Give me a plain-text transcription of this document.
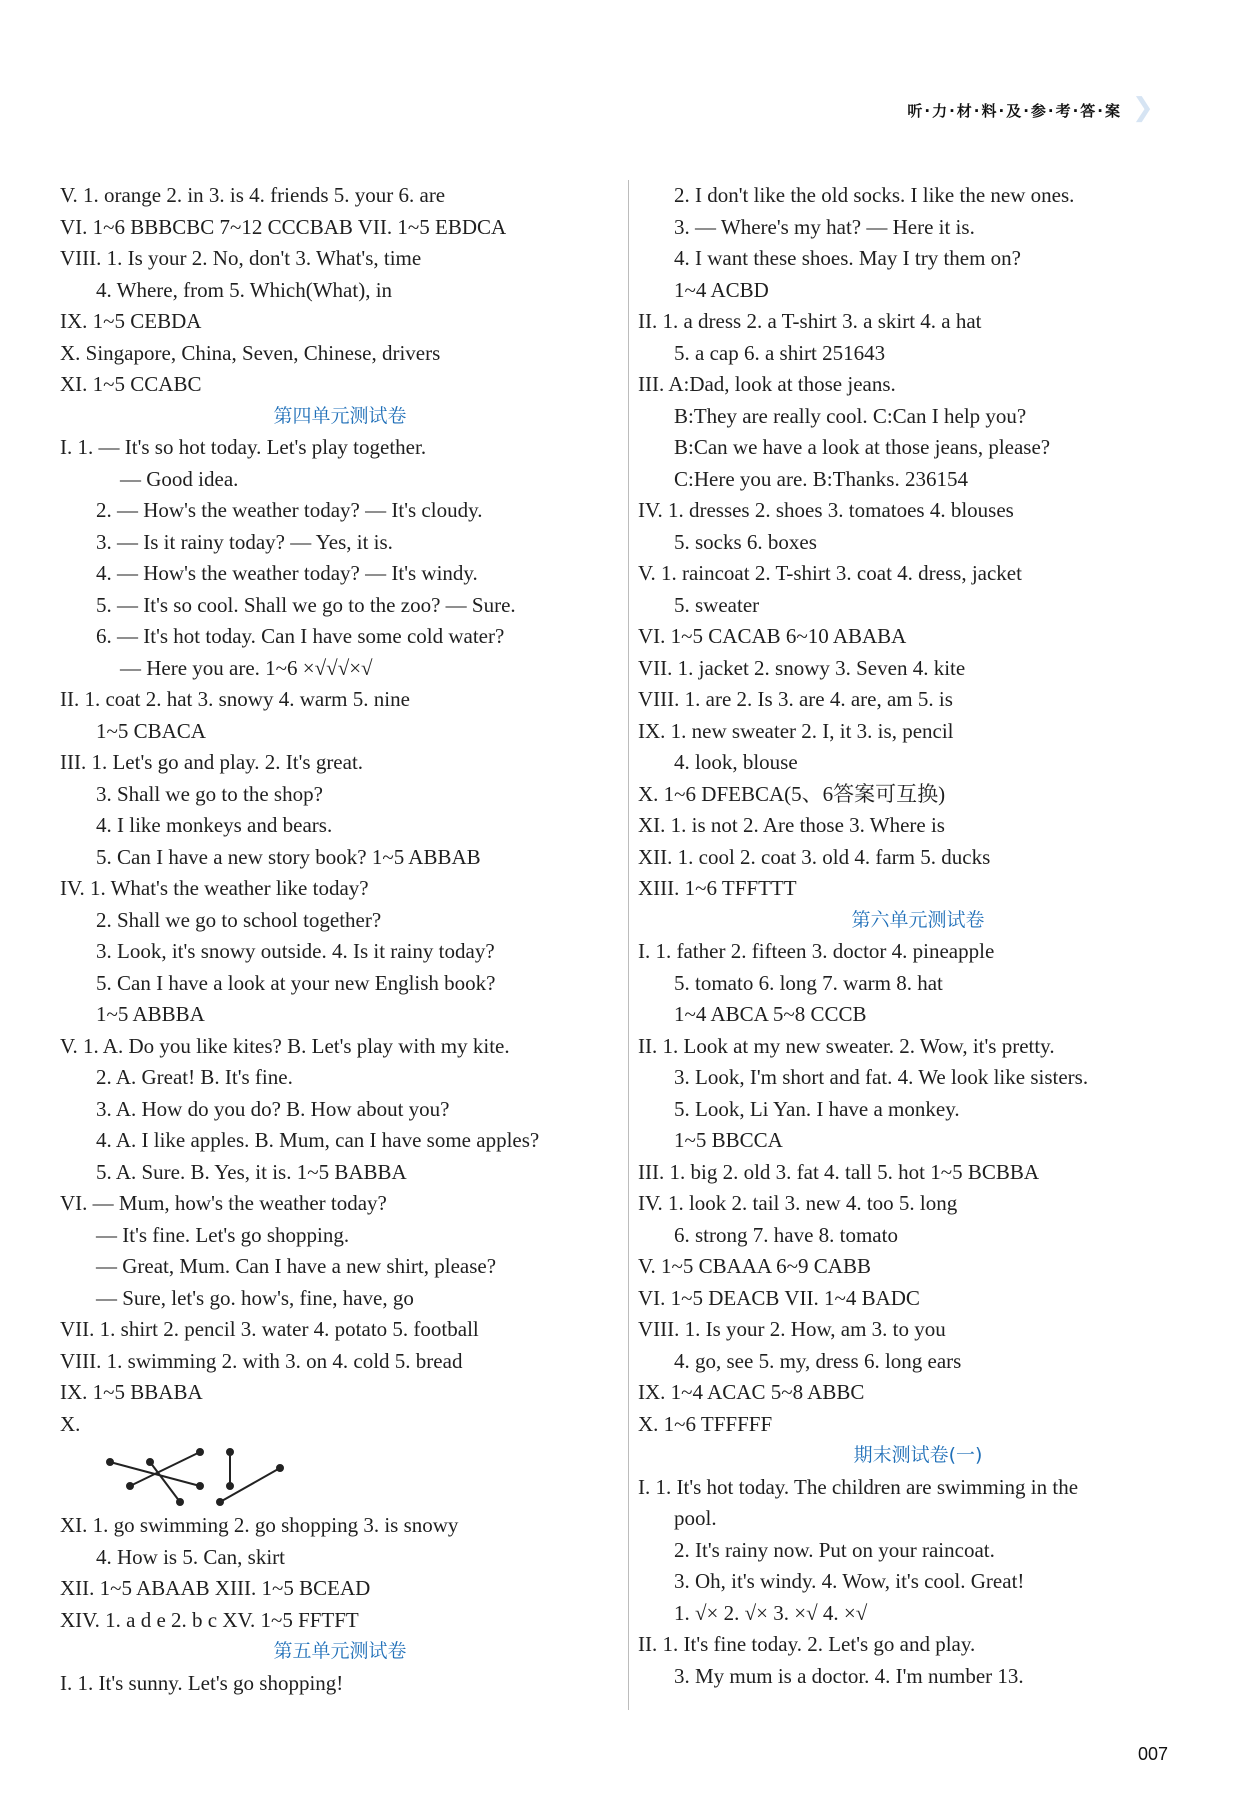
听·力·材·料·及·参·考·答·案 ❯
V. 1. orange 2. in 3. is 4. friends 5. your 6. are
VI. 1~6 BBBCBC 7~12 CCCBAB VII. 1~5 EBDCA
VIII. 1. Is your 2. No, don't 3. What's, time
4. Where, from 5. Which(What), in
IX. 1~5 CEBDA
X. Singapore, China, Seven, Chinese, drivers
XI. 1~5 CCABC
第四单元测试卷
I. 1. — It's so hot today. Let's play together.
— Good idea.
2. — How's the weather today? — It's cloudy.
3. — Is it rainy today? — Yes, it is.
4. — How's the weather today? — It's windy.
5. — It's so cool. Shall we go to the zoo? — Sure.
6. — It's hot today. Can I have some cold water?
— Here you are. 1~6 ×√√√×√
II. 1. coat 2. hat 3. snowy 4. warm 5. nine
1~5 CBACA
III. 1. Let's go and play. 2. It's great.
3. Shall we go to the shop?
4. I like monkeys and bears.
5. Can I have a new story book? 1~5 ABBAB
IV. 1. What's the weather like today?
2. Shall we go to school together?
3. Look, it's snowy outside. 4. Is it rainy today?
5. Can I have a look at your new English book?
1~5 ABBBA
V. 1. A. Do you like kites? B. Let's play with my kite.
2. A. Great! B. It's fine.
3. A. How do you do? B. How about you?
4. A. I like apples. B. Mum, can I have some apples?
5. A. Sure. B. Yes, it is. 1~5 BABBA
VI. — Mum, how's the weather today?
— It's fine. Let's go shopping.
— Great, Mum. Can I have a new shirt, please?
— Sure, let's go. how's, fine, have, go
VII. 1. shirt 2. pencil 3. water 4. potato 5. football
VIII. 1. swimming 2. with 3. on 4. cold 5. bread
IX. 1~5 BBABA
X.
XI. 1. go swimming 2. go shopping 3. is snowy
4. How is 5. Can, skirt
XII. 1~5 ABAAB XIII. 1~5 BCEAD
XIV. 1. a d e 2. b c XV. 1~5 FFTFT
第五单元测试卷
I. 1. It's sunny. Let's go shopping!
2. I don't like the old socks. I like the new ones.
3. — Where's my hat? — Here it is.
4. I want these shoes. May I try them on?
1~4 ACBD
II. 1. a dress 2. a T-shirt 3. a skirt 4. a hat
5. a cap 6. a shirt 251643
III. A:Dad, look at those jeans.
B:They are really cool. C:Can I help you?
B:Can we have a look at those jeans, please?
C:Here you are. B:Thanks. 236154
IV. 1. dresses 2. shoes 3. tomatoes 4. blouses
5. socks 6. boxes
V. 1. raincoat 2. T-shirt 3. coat 4. dress, jacket
5. sweater
VI. 1~5 CACAB 6~10 ABABA
VII. 1. jacket 2. snowy 3. Seven 4. kite
VIII. 1. are 2. Is 3. are 4. are, am 5. is
IX. 1. new sweater 2. I, it 3. is, pencil
4. look, blouse
X. 1~6 DFEBCA(5、6答案可互换)
XI. 1. is not 2. Are those 3. Where is
XII. 1. cool 2. coat 3. old 4. farm 5. ducks
XIII. 1~6 TFFTTT
第六单元测试卷
I. 1. father 2. fifteen 3. doctor 4. pineapple
5. tomato 6. long 7. warm 8. hat
1~4 ABCA 5~8 CCCB
II. 1. Look at my new sweater. 2. Wow, it's pretty.
3. Look, I'm short and fat. 4. We look like sisters.
5. Look, Li Yan. I have a monkey.
1~5 BBCCA
III. 1. big 2. old 3. fat 4. tall 5. hot 1~5 BCBBA
IV. 1. look 2. tail 3. new 4. too 5. long
6. strong 7. have 8. tomato
V. 1~5 CBAAA 6~9 CABB
VI. 1~5 DEACB VII. 1~4 BADC
VIII. 1. Is your 2. How, am 3. to you
4. go, see 5. my, dress 6. long ears
IX. 1~4 ACAC 5~8 ABBC
X. 1~6 TFFFFF
期末测试卷(一)
I. 1. It's hot today. The children are swimming in the
pool.
2. It's rainy now. Put on your raincoat.
3. Oh, it's windy. 4. Wow, it's cool. Great!
1. √× 2. √× 3. ×√ 4. ×√
II. 1. It's fine today. 2. Let's go and play.
3. My mum is a doctor. 4. I'm number 13.
007
